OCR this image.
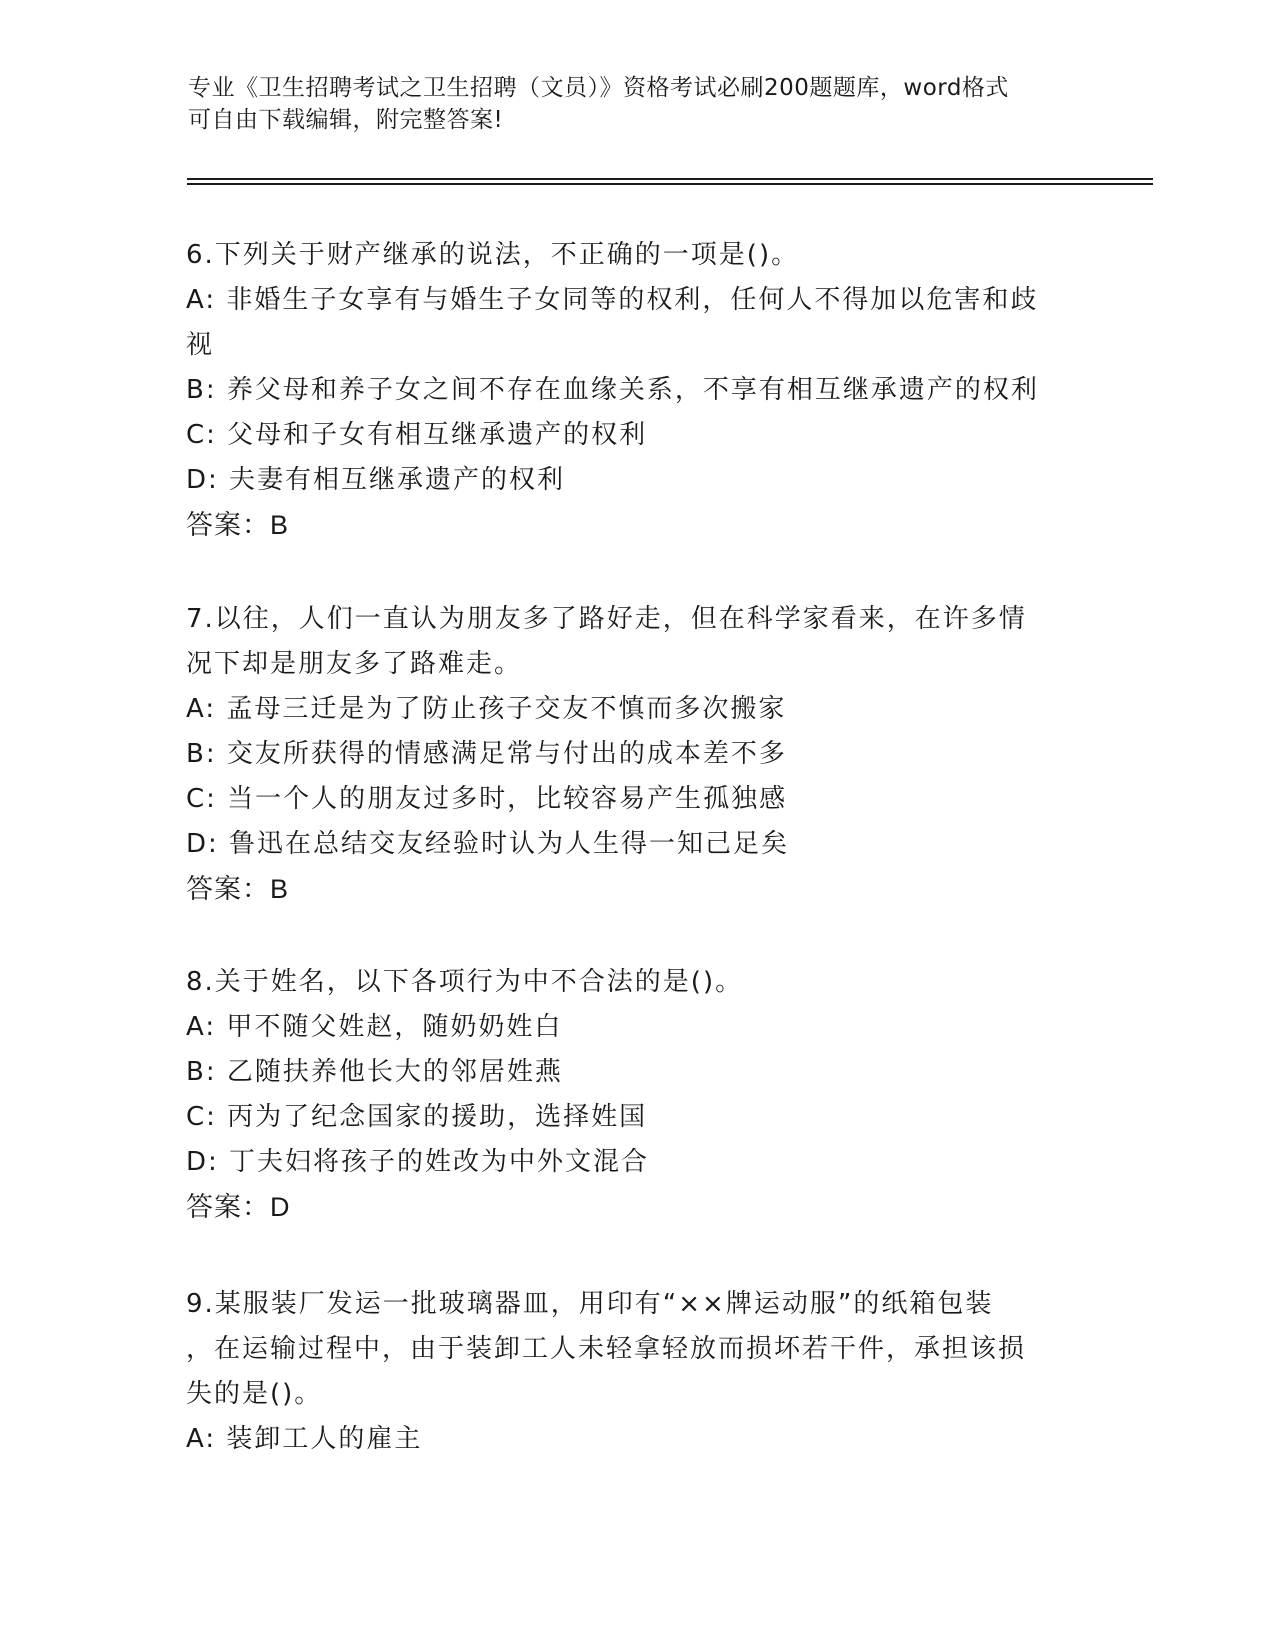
专业《卫生招聘考试之卫生招聘（文员）》资格考试必刷200题题库，word格式
可自由下载编辑，附完整答案!
6.下列关于财产继承的说法，不正确的一项是()。
A: 非婚生子女享有与婚生子女同等的权利，任何人不得加以危害和歧
视
B: 养父母和养子女之间不存在血缘关系，不享有相互继承遗产的权利
C: 父母和子女有相互继承遗产的权利
D: 夫妻有相互继承遗产的权利
答案：B
7.以往，人们一直认为朋友多了路好走，但在科学家看来，在许多情
况下却是朋友多了路难走。
A: 孟母三迁是为了防止孩子交友不慎而多次搬家
B: 交友所获得的情感满足常与付出的成本差不多
C: 当一个人的朋友过多时，比较容易产生孤独感
D: 鲁迅在总结交友经验时认为人生得一知己足矣
答案：B
8.关于姓名，以下各项行为中不合法的是()。
A: 甲不随父姓赵，随奶奶姓白
B: 乙随扶养他长大的邻居姓燕
C: 丙为了纪念国家的援助，选择姓国
D: 丁夫妇将孩子的姓改为中外文混合
答案：D
9.某服装厂发运一批玻璃器皿，用印有“××牌运动服”的纸箱包装
，在运输过程中，由于装卸工人未轻拿轻放而损坏若干件，承担该损
失的是()。
A: 装卸工人的雇主
